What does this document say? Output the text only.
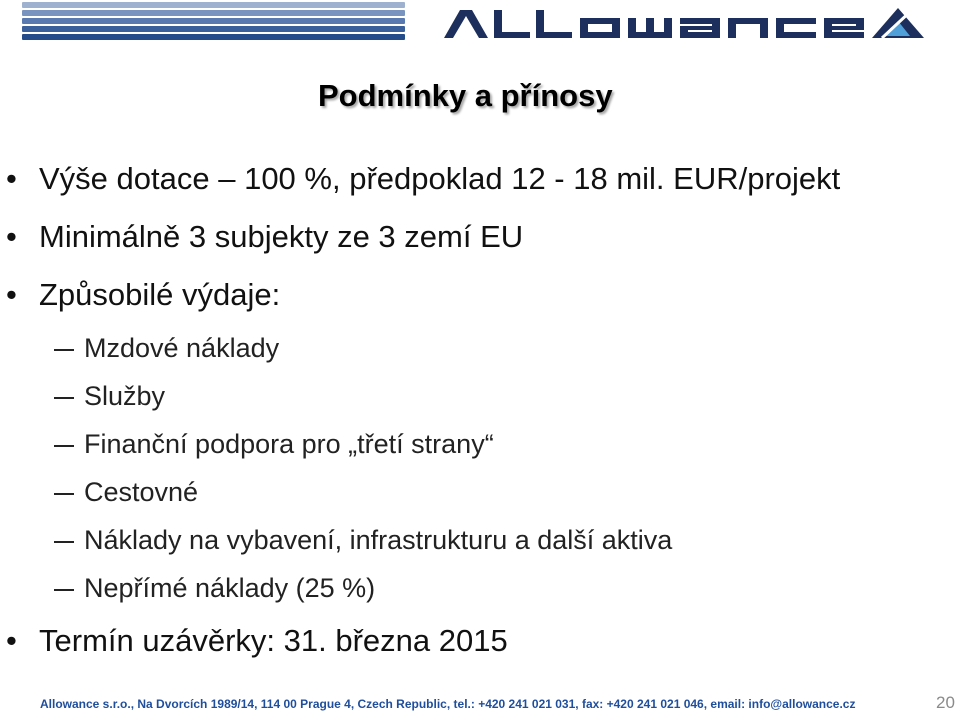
Podmínky a přínosy
• Výše dotace – 100 %, předpoklad 12 - 18 mil. EUR/projekt
• Minimálně 3 subjekty ze 3 zemí EU
• Způsobilé výdaje:
Mzdové náklady
Služby
Finanční podpora pro „třetí strany“
Cestovné
Náklady na vybavení, infrastrukturu a další aktiva
Nepřímé náklady (25 %)
• Termín uzávěrky: 31. března 2015
Allowance s.r.o., Na Dvorcích 1989/14, 114 00 Prague 4, Czech Republic, tel.: +420 241 021 031, fax: +420 241 021 046, email: info@allowance.cz	20
